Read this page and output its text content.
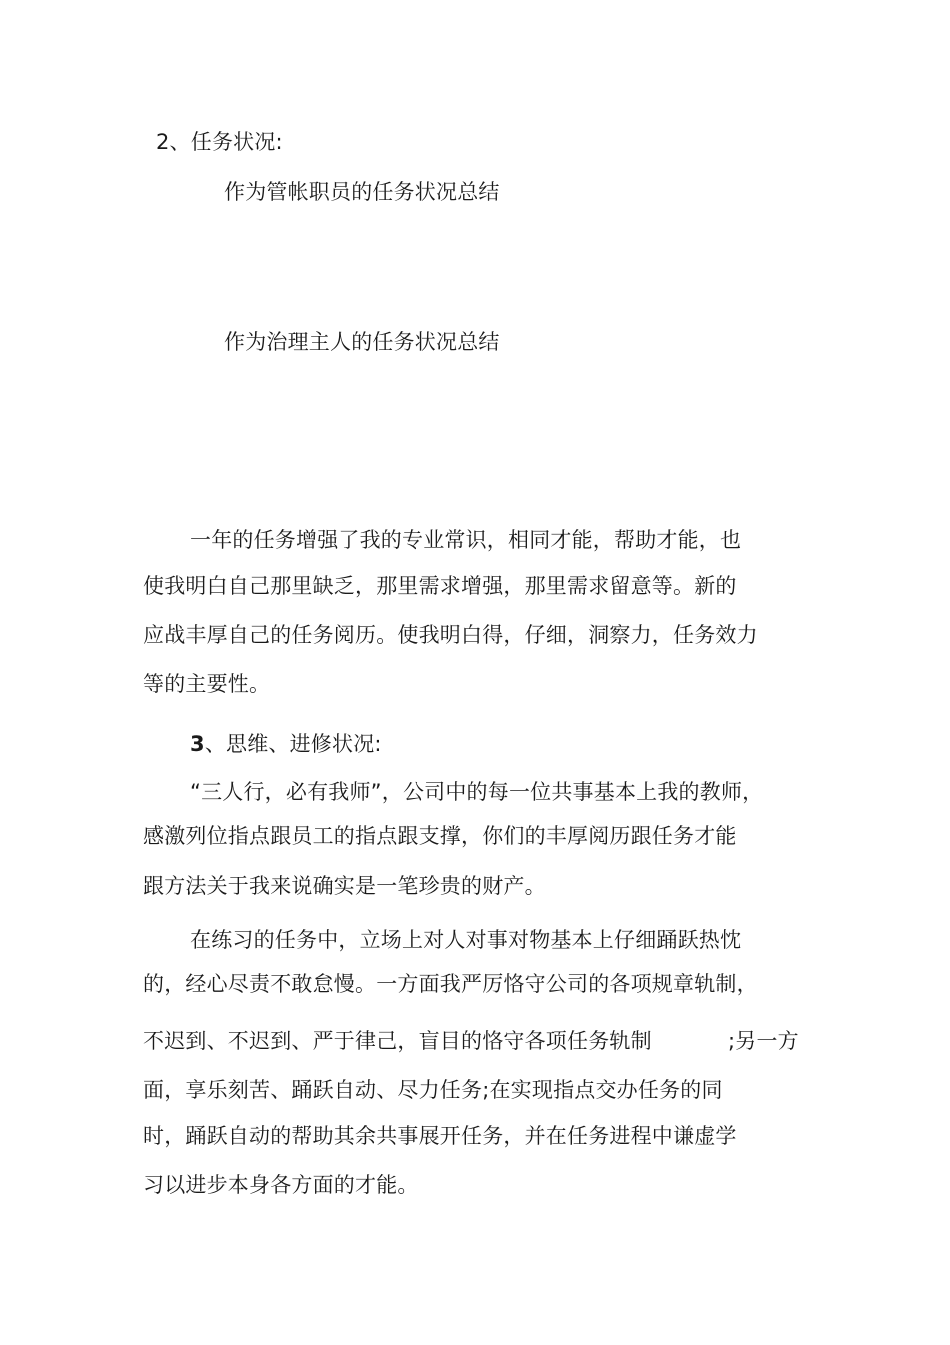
2、任务状况:
作为管帐职员的任务状况总结
作为治理主人的任务状况总结
一年的任务增强了我的专业常识，相同才能，帮助才能，也
使我明白自己那里缺乏，那里需求增强，那里需求留意等。新的
应战丰厚自己的任务阅历。使我明白得，仔细，洞察力，任务效力
等的主要性。
3、思维、进修状况:
“三人行，必有我师”，公司中的每一位共事基本上我的教师，
感激列位指点跟员工的指点跟支撑，你们的丰厚阅历跟任务才能
跟方法关于我来说确实是一笔珍贵的财产。
在练习的任务中，立场上对人对事对物基本上仔细踊跃热忱
的，经心尽责不敢怠慢。一方面我严厉恪守公司的各项规章轨制，
不迟到、不迟到、严于律己，盲目的恪守各项任务轨制	;另一方
面，享乐刻苦、踊跃自动、尽力任务;在实现指点交办任务的同
时，踊跃自动的帮助其余共事展开任务，并在任务进程中谦虚学
习以进步本身各方面的才能。
